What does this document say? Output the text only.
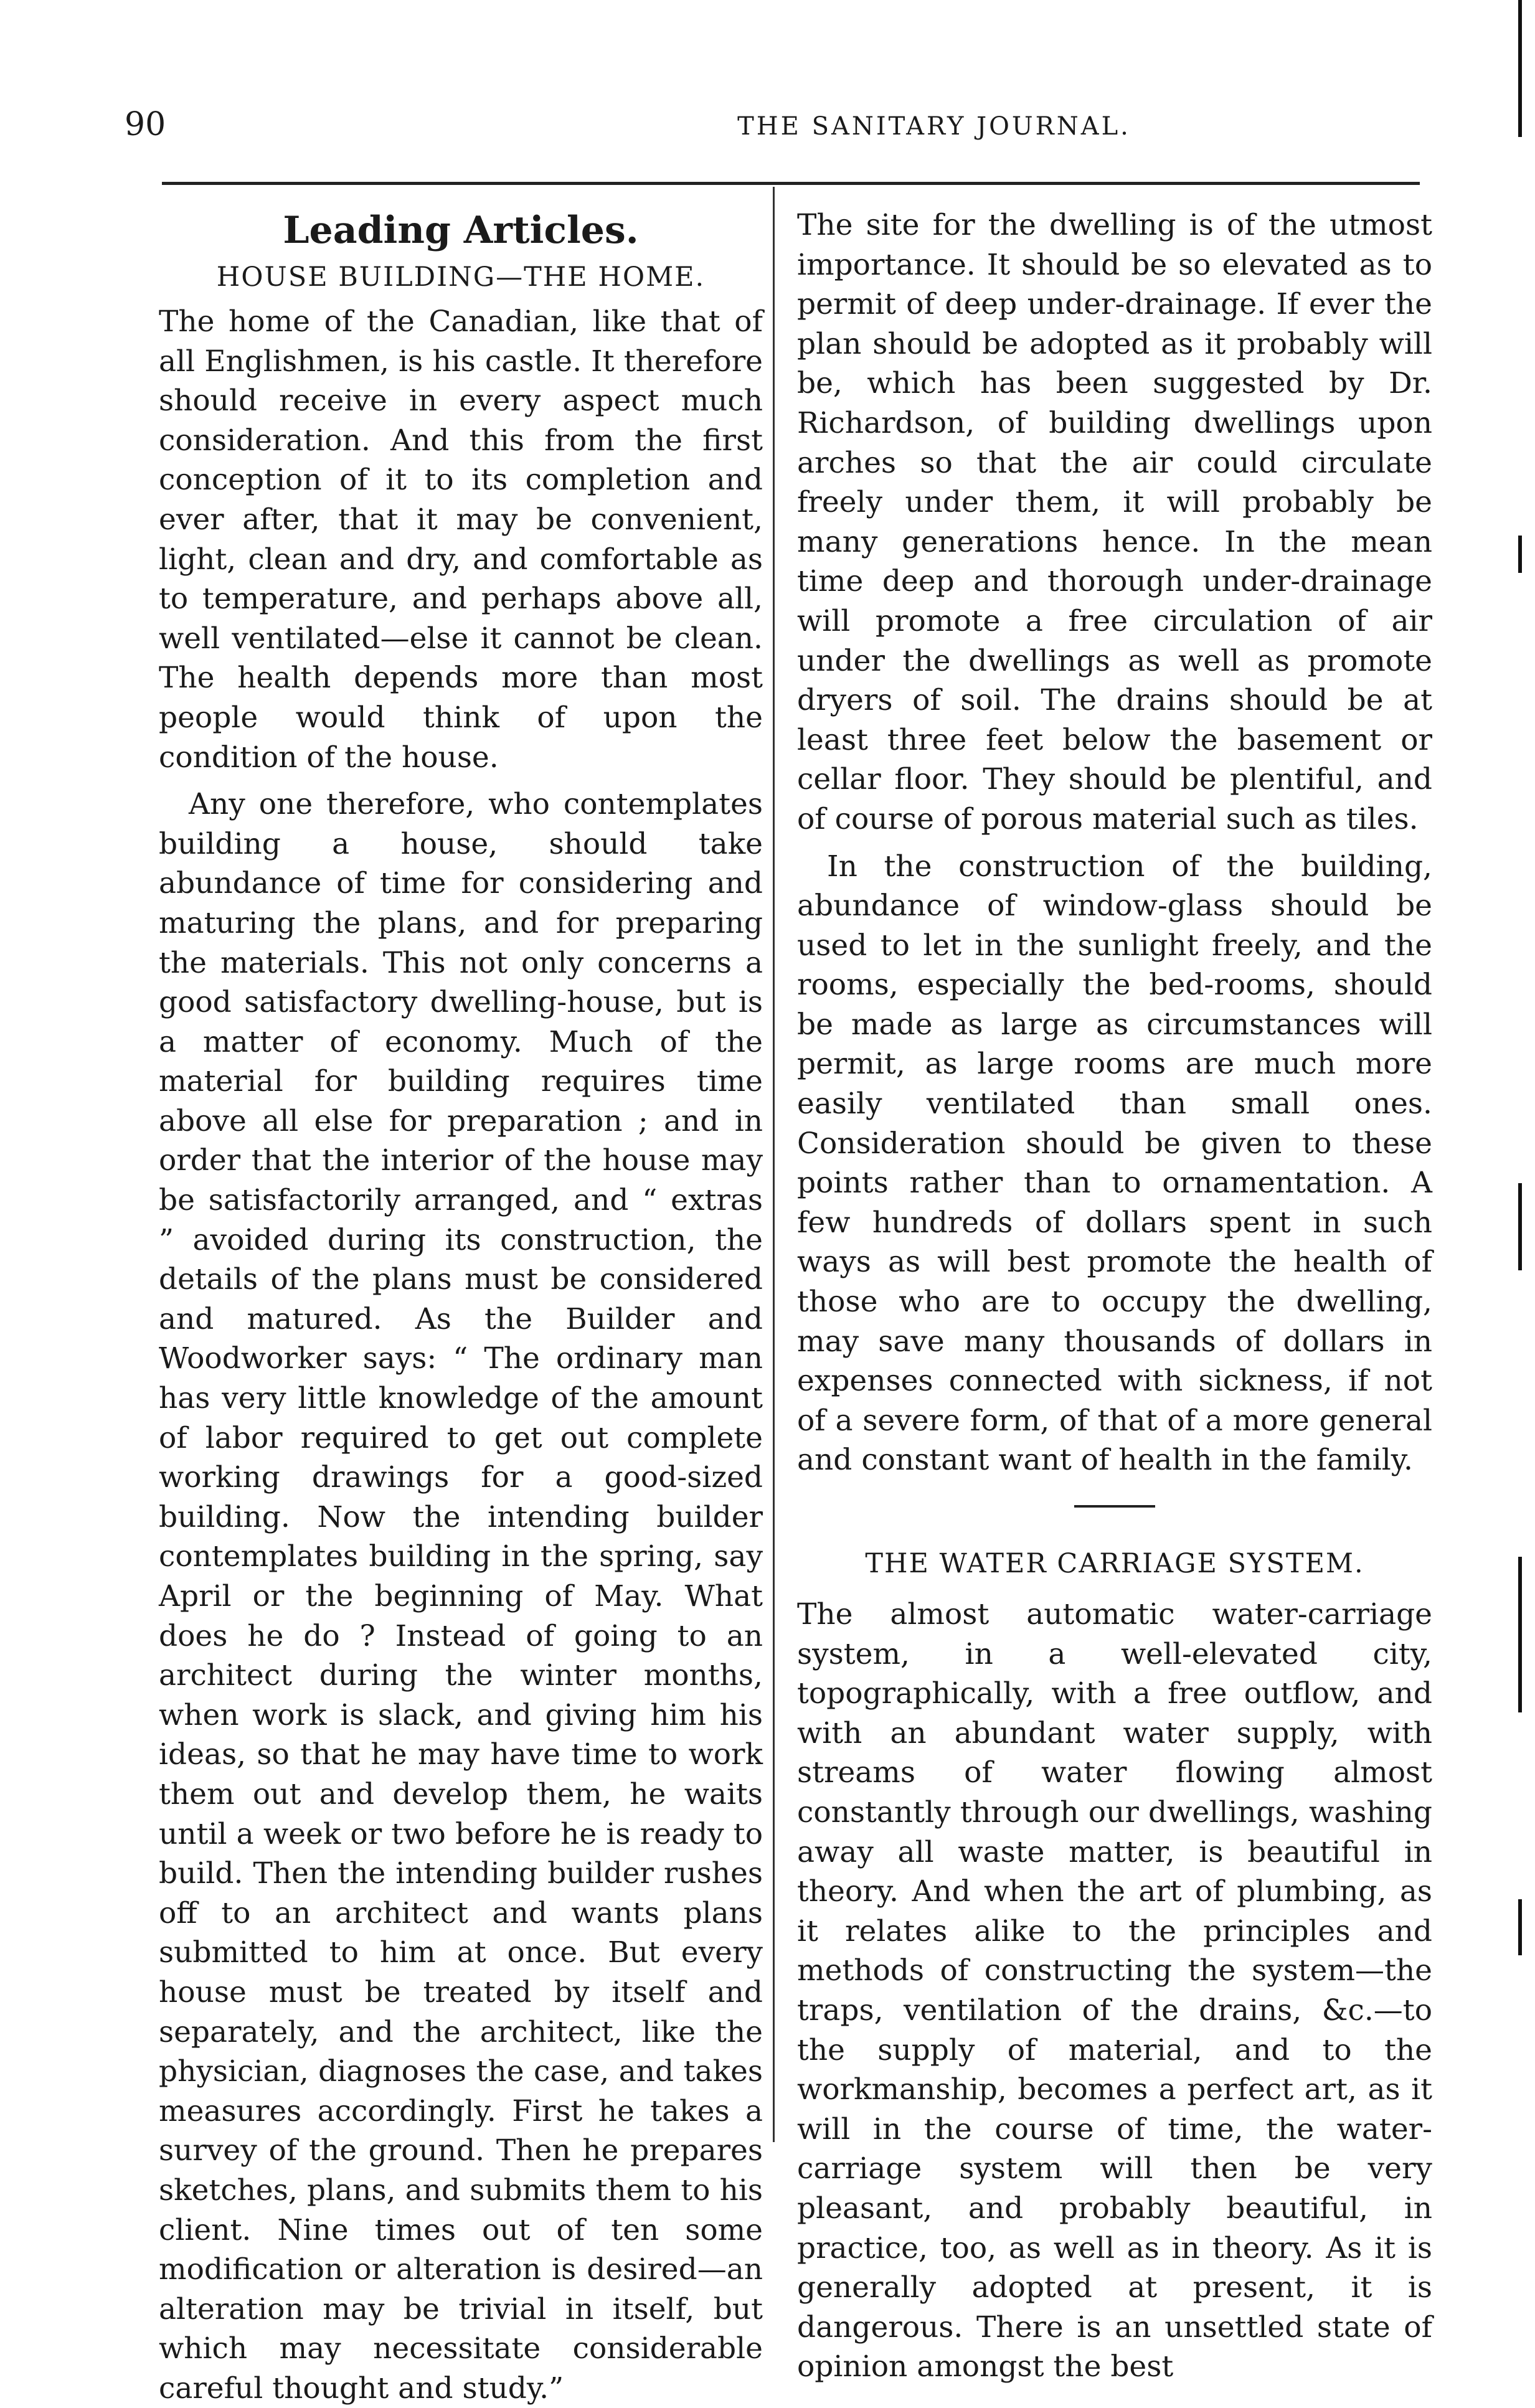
90	THE SANITARY JOURNAL.
Leading Articles.
HOUSE BUILDING—THE HOME.

The home of the Canadian, like that of all Englishmen, is his castle. It therefore should receive in every aspect much consideration. And this from the first conception of it to its completion and ever after, that it may be convenient, light, clean and dry, and comfortable as to temperature, and perhaps above all, well ventilated—else it cannot be clean. The health depends more than most people would think of upon the condition of the house.

Any one therefore, who contemplates building a house, should take abundance of time for considering and maturing the plans, and for preparing the materials. This not only concerns a good satisfactory dwelling-house, but is a matter of economy. Much of the material for building requires time above all else for preparation ; and in order that the interior of the house may be satisfactorily arranged, and “ extras ” avoided during its construction, the details of the plans must be considered and matured. As the Builder and Woodworker says: “ The ordinary man has very little knowledge of the amount of labor required to get out complete working drawings for a good-sized building. Now the intending builder contemplates building in the spring, say April or the beginning of May. What does he do ? Instead of going to an architect during the winter months, when work is slack, and giving him his ideas, so that he may have time to work them out and develop them, he waits until a week or two before he is ready to build. Then the intending builder rushes off to an architect and wants plans submitted to him at once. But every house must be treated by itself and separately, and the architect, like the physician, diagnoses the case, and takes measures accordingly. First he takes a survey of the ground. Then he prepares sketches, plans, and submits them to his client. Nine times out of ten some modification or alteration is desired—an alteration may be trivial in itself, but which may necessitate considerable careful thought and study.”

The site for the dwelling is of the utmost importance. It should be so elevated as to permit of deep under-drainage. If ever the plan should be adopted as it probably will be, which has been suggested by Dr. Richardson, of building dwellings upon arches so that the air could circulate freely under them, it will probably be many generations hence. In the mean time deep and thorough under-drainage will promote a free circulation of air under the dwellings as well as promote dryers of soil. The drains should be at least three feet below the basement or cellar floor. They should be plentiful, and of course of porous material such as tiles.

In the construction of the building, abundance of window-glass should be used to let in the sunlight freely, and the rooms, especially the bed-rooms, should be made as large as circumstances will permit, as large rooms are much more easily ventilated than small ones. Consideration should be given to these points rather than to ornamentation. A few hundreds of dollars spent in such ways as will best promote the health of those who are to occupy the dwelling, may save many thousands of dollars in expenses connected with sickness, if not of a severe form, of that of a more general and constant want of health in the family.

THE WATER CARRIAGE SYSTEM.

The almost automatic water-carriage system, in a well-elevated city, topographically, with a free outflow, and with an abundant water supply, with streams of water flowing almost constantly through our dwellings, washing away all waste matter, is beautiful in theory. And when the art of plumbing, as it relates alike to the principles and methods of constructing the system—the traps, ventilation of the drains, &c.—to the supply of material, and to the workmanship, becomes a perfect art, as it will in the course of time, the water-carriage system will then be very pleasant, and probably beautiful, in practice, too, as well as in theory. As it is generally adopted at present, it is dangerous. There is an unsettled state of opinion amongst the best
